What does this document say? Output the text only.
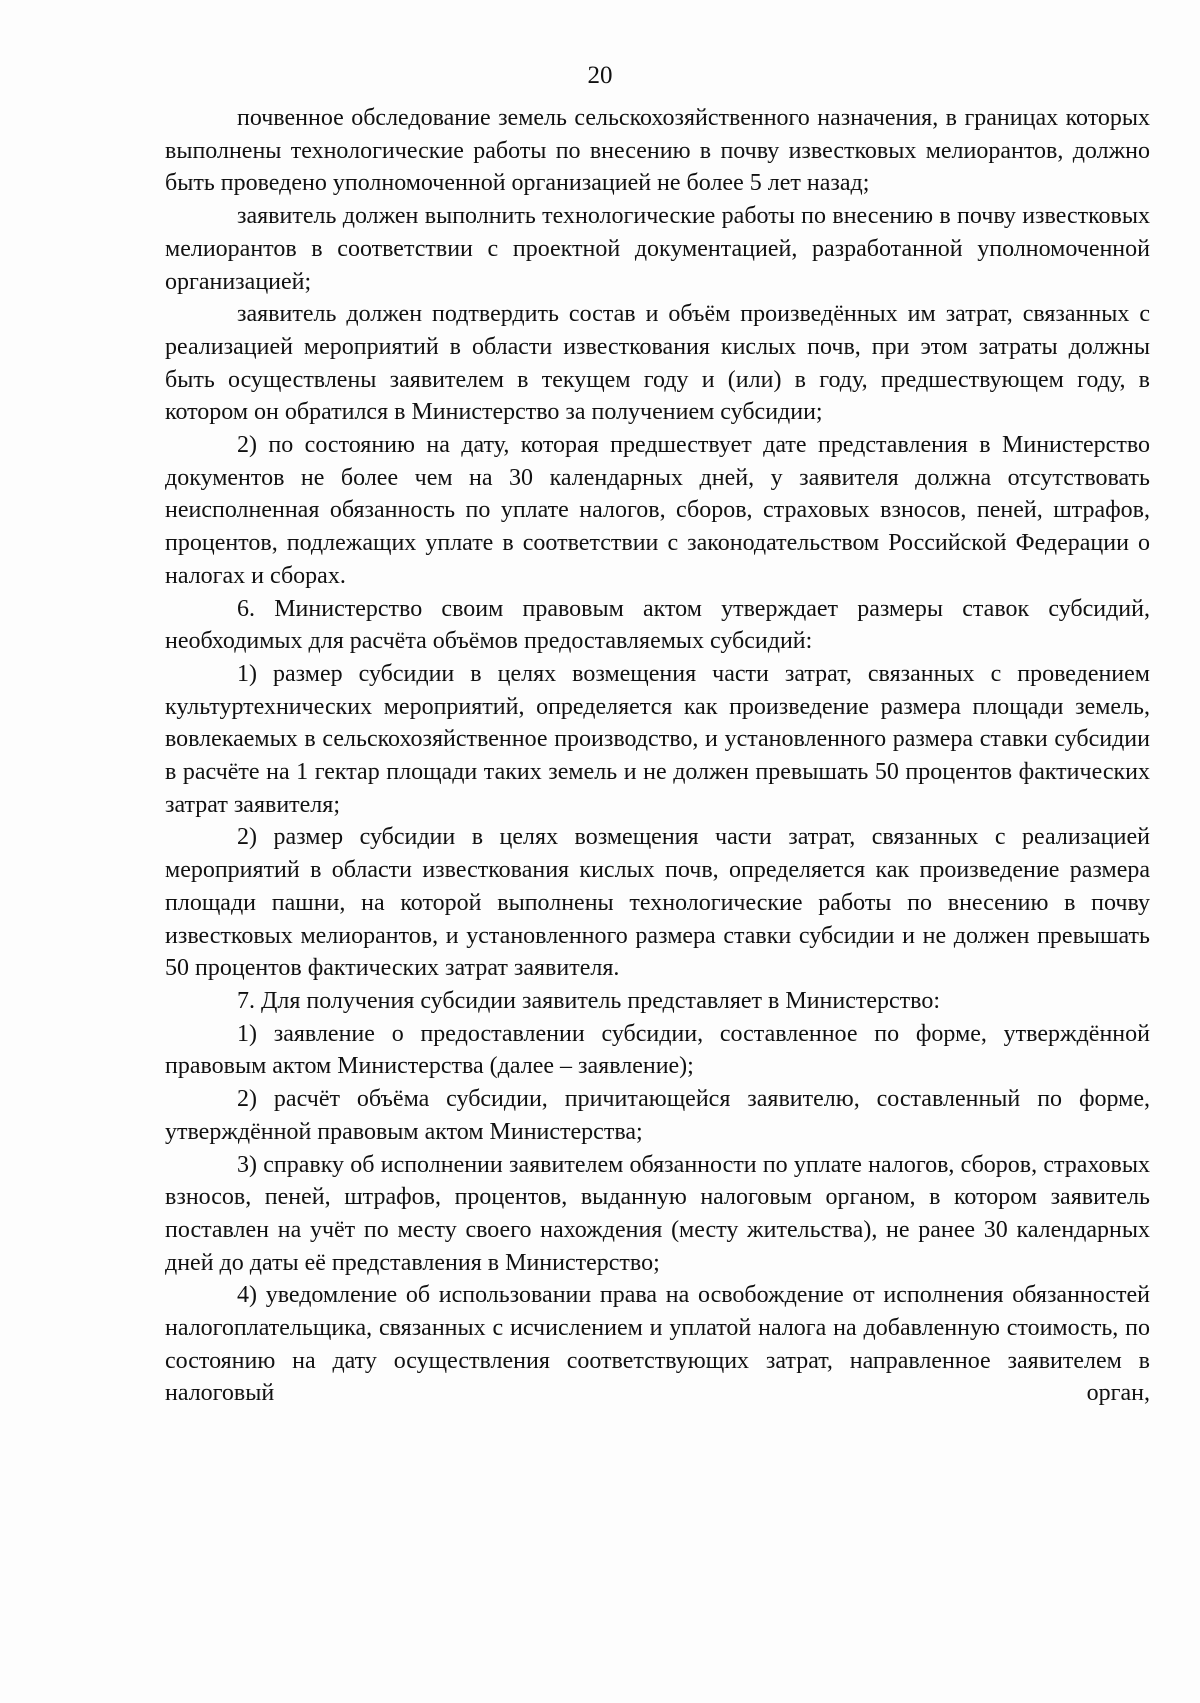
20

почвенное обследование земель сельскохозяйственного назначения, в границах которых выполнены технологические работы по внесению в почву известковых мелиорантов, должно быть проведено уполномоченной организацией не более 5 лет назад;

заявитель должен выполнить технологические работы по внесению в почву известковых мелиорантов в соответствии с проектной документацией, разработанной уполномоченной организацией;

заявитель должен подтвердить состав и объём произведённых им затрат, связанных с реализацией мероприятий в области известкования кислых почв, при этом затраты должны быть осуществлены заявителем в текущем году и (или) в году, предшествующем году, в котором он обратился в Министерство за получением субсидии;

2) по состоянию на дату, которая предшествует дате представления в Министерство документов не более чем на 30 календарных дней, у заявителя должна отсутствовать неисполненная обязанность по уплате налогов, сборов, страховых взносов, пеней, штрафов, процентов, подлежащих уплате в соответствии с законодательством Российской Федерации о налогах и сборах.

6. Министерство своим правовым актом утверждает размеры ставок субсидий, необходимых для расчёта объёмов предоставляемых субсидий:

1) размер субсидии в целях возмещения части затрат, связанных с проведением культуртехнических мероприятий, определяется как произведение размера площади земель, вовлекаемых в сельскохозяйственное производство, и установленного размера ставки субсидии в расчёте на 1 гектар площади таких земель и не должен превышать 50 процентов фактических затрат заявителя;

2) размер субсидии в целях возмещения части затрат, связанных с реализацией мероприятий в области известкования кислых почв, определяется как произведение размера площади пашни, на которой выполнены технологические работы по внесению в почву известковых мелиорантов, и установленного размера ставки субсидии и не должен превышать 50 процентов фактических затрат заявителя.

7. Для получения субсидии заявитель представляет в Министерство:

1) заявление о предоставлении субсидии, составленное по форме, утверждённой правовым актом Министерства (далее – заявление);

2) расчёт объёма субсидии, причитающейся заявителю, составленный по форме, утверждённой правовым актом Министерства;

3) справку об исполнении заявителем обязанности по уплате налогов, сборов, страховых взносов, пеней, штрафов, процентов, выданную налоговым органом, в котором заявитель поставлен на учёт по месту своего нахождения (месту жительства), не ранее 30 календарных дней до даты её представления в Министерство;

4) уведомление об использовании права на освобождение от исполнения обязанностей налогоплательщика, связанных с исчислением и уплатой налога на добавленную стоимость, по состоянию на дату осуществления соответствующих затрат, направленное заявителем в налоговый орган,
